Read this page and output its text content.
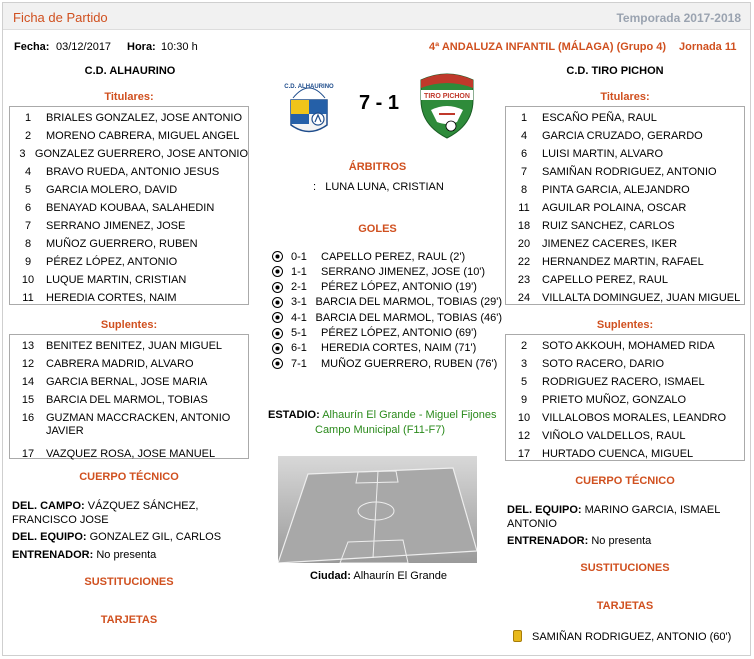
Ficha de Partido	Temporada 2017-2018
Fecha: 03/12/2017 Hora: 10:30 h	4ª ANDALUZA INFANTIL (MÁLAGA) (Grupo 4) Jornada 11
C.D. ALHAURINO	C.D. TIRO PICHON
C.D. ALHAURINO
7 - 1	TIRO PICHON
Titulares:
1	BRIALES GONZALEZ, JOSE ANTONIO
2	MORENO CABRERA, MIGUEL ANGEL
3 GONZALEZ GUERRERO, JOSE ANTONIO
4	BRAVO RUEDA, ANTONIO JESUS
5	GARCIA MOLERO, DAVID
6	BENAYAD KOUBAA, SALAHEDIN
7	SERRANO JIMENEZ, JOSE
8	MUÑOZ GUERRERO, RUBEN
9	PÉREZ LÓPEZ, ANTONIO
10	LUQUE MARTIN, CRISTIAN
11	HEREDIA CORTES, NAIM
Suplentes:
13	BENITEZ BENITEZ, JUAN MIGUEL
12	CABRERA MADRID, ALVARO
14	GARCIA BERNAL, JOSE MARIA
15	BARCIA DEL MARMOL, TOBIAS
16	GUZMAN MACCRACKEN, ANTONIO JAVIER
17	VAZQUEZ ROSA, JOSE MANUEL
CUERPO TÉCNICO
DEL. CAMPO: VÁZQUEZ SÁNCHEZ, FRANCISCO JOSE
DEL. EQUIPO: GONZALEZ GIL, CARLOS
ENTRENADOR: No presenta
SUSTITUCIONES
TARJETAS
Titulares:
1	ESCAÑO PEÑA, RAUL
4	GARCIA CRUZADO, GERARDO
6	LUISI MARTIN, ALVARO
7	SAMIÑAN RODRIGUEZ, ANTONIO
8	PINTA GARCIA, ALEJANDRO
11	AGUILAR POLAINA, OSCAR
18	RUIZ SANCHEZ, CARLOS
20	JIMENEZ CACERES, IKER
22	HERNANDEZ MARTIN, RAFAEL
23	CAPELLO PEREZ, RAUL
24	VILLALTA DOMINGUEZ, JUAN MIGUEL
Suplentes:
2	SOTO AKKOUH, MOHAMED RIDA
3	SOTO RACERO, DARIO
5	RODRIGUEZ RACERO, ISMAEL
9	PRIETO MUÑOZ, GONZALO
10	VILLALOBOS MORALES, LEANDRO
12	VIÑOLO VALDELLOS, RAUL
17	HURTADO CUENCA, MIGUEL
CUERPO TÉCNICO
DEL. EQUIPO: MARINO GARCIA, ISMAEL ANTONIO
ENTRENADOR: No presenta
SUSTITUCIONES
TARJETAS
SAMIÑAN RODRIGUEZ, ANTONIO (60')
ÁRBITROS
:   LUNA LUNA, CRISTIAN
GOLES
0-1	CAPELLO PEREZ, RAUL (2')
1-1	SERRANO JIMENEZ, JOSE (10')
2-1	PÉREZ LÓPEZ, ANTONIO (19')
3-1 BARCIA DEL MARMOL, TOBIAS (29')
4-1 BARCIA DEL MARMOL, TOBIAS (46')
5-1	PÉREZ LÓPEZ, ANTONIO (69')
6-1	HEREDIA CORTES, NAIM (71')
7-1	MUÑOZ GUERRERO, RUBEN (76')
ESTADIO: Alhaurín El Grande - Miguel Fijones
Campo Municipal (F11-F7)
Ciudad: Alhaurín El Grande
